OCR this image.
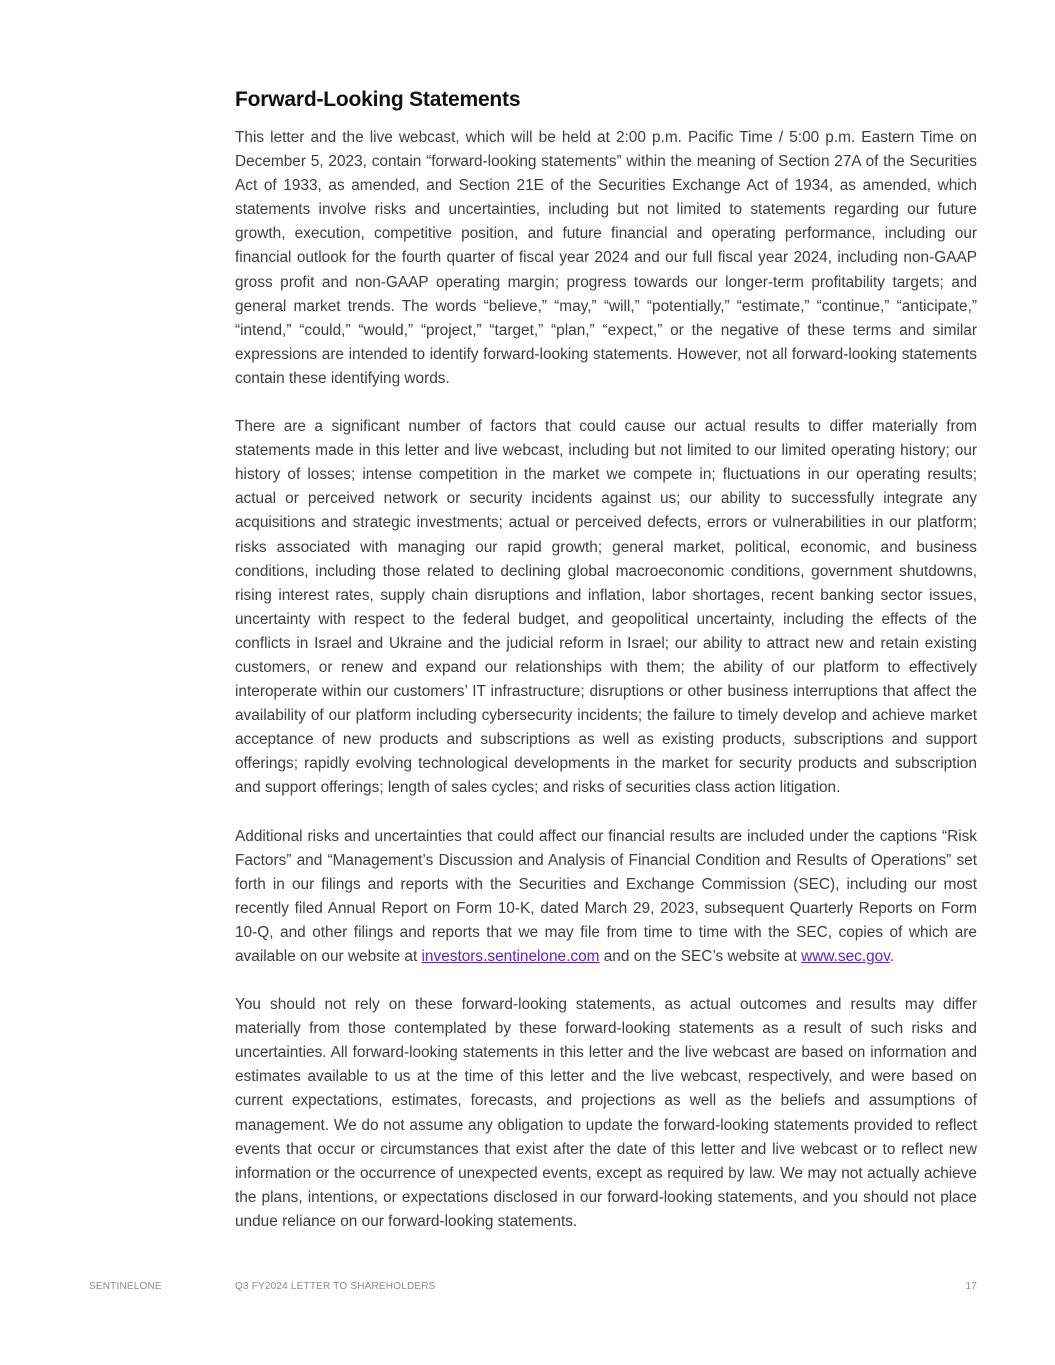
Forward-Looking Statements

This letter and the live webcast, which will be held at 2:00 p.m. Pacific Time / 5:00 p.m. Eastern Time on December 5, 2023, contain “forward-looking statements” within the meaning of Section 27A of the Securities Act of 1933, as amended, and Section 21E of the Securities Exchange Act of 1934, as amended, which statements involve risks and uncertainties, including but not limited to statements regarding our future growth, execution, competitive position, and future financial and operating performance, including our financial outlook for the fourth quarter of fiscal year 2024 and our full fiscal year 2024, including non-GAAP gross profit and non-GAAP operating margin; progress towards our longer-term profitability targets; and general market trends. The words “believe,” “may,” “will,” “potentially,” “estimate,” “continue,” “anticipate,” “intend,” “could,” “would,” “project,” “target,” “plan,” “expect,” or the negative of these terms and similar expressions are intended to identify forward-looking statements. However, not all forward-looking statements contain these identifying words.

There are a significant number of factors that could cause our actual results to differ materially from statements made in this letter and live webcast, including but not limited to our limited operating history; our history of losses; intense competition in the market we compete in; fluctuations in our operating results; actual or perceived network or security incidents against us; our ability to successfully integrate any acquisitions and strategic investments; actual or perceived defects, errors or vulnerabilities in our platform; risks associated with managing our rapid growth; general market, political, economic, and business conditions, including those related to declining global macroeconomic conditions, government shutdowns, rising interest rates, supply chain disruptions and inflation, labor shortages, recent banking sector issues, uncertainty with respect to the federal budget, and geopolitical uncertainty, including the effects of the conflicts in Israel and Ukraine and the judicial reform in Israel; our ability to attract new and retain existing customers, or renew and expand our relationships with them; the ability of our platform to effectively interoperate within our customers’ IT infrastructure; disruptions or other business interruptions that affect the availability of our platform including cybersecurity incidents; the failure to timely develop and achieve market acceptance of new products and subscriptions as well as existing products, subscriptions and support offerings; rapidly evolving technological developments in the market for security products and subscription and support offerings; length of sales cycles; and risks of securities class action litigation.

Additional risks and uncertainties that could affect our financial results are included under the captions “Risk Factors” and “Management’s Discussion and Analysis of Financial Condition and Results of Operations” set forth in our filings and reports with the Securities and Exchange Commission (SEC), including our most recently filed Annual Report on Form 10-K, dated March 29, 2023, subsequent Quarterly Reports on Form 10-Q, and other filings and reports that we may file from time to time with the SEC, copies of which are available on our website at investors.sentinelone.com and on the SEC’s website at www.sec.gov.

You should not rely on these forward-looking statements, as actual outcomes and results may differ materially from those contemplated by these forward-looking statements as a result of such risks and uncertainties. All forward-looking statements in this letter and the live webcast are based on information and estimates available to us at the time of this letter and the live webcast, respectively, and were based on current expectations, estimates, forecasts, and projections as well as the beliefs and assumptions of management. We do not assume any obligation to update the forward-looking statements provided to reflect events that occur or circumstances that exist after the date of this letter and live webcast or to reflect new information or the occurrence of unexpected events, except as required by law. We may not actually achieve the plans, intentions, or expectations disclosed in our forward-looking statements, and you should not place undue reliance on our forward-looking statements.

SENTINELONE	Q3 FY2024 LETTER TO SHAREHOLDERS	17
